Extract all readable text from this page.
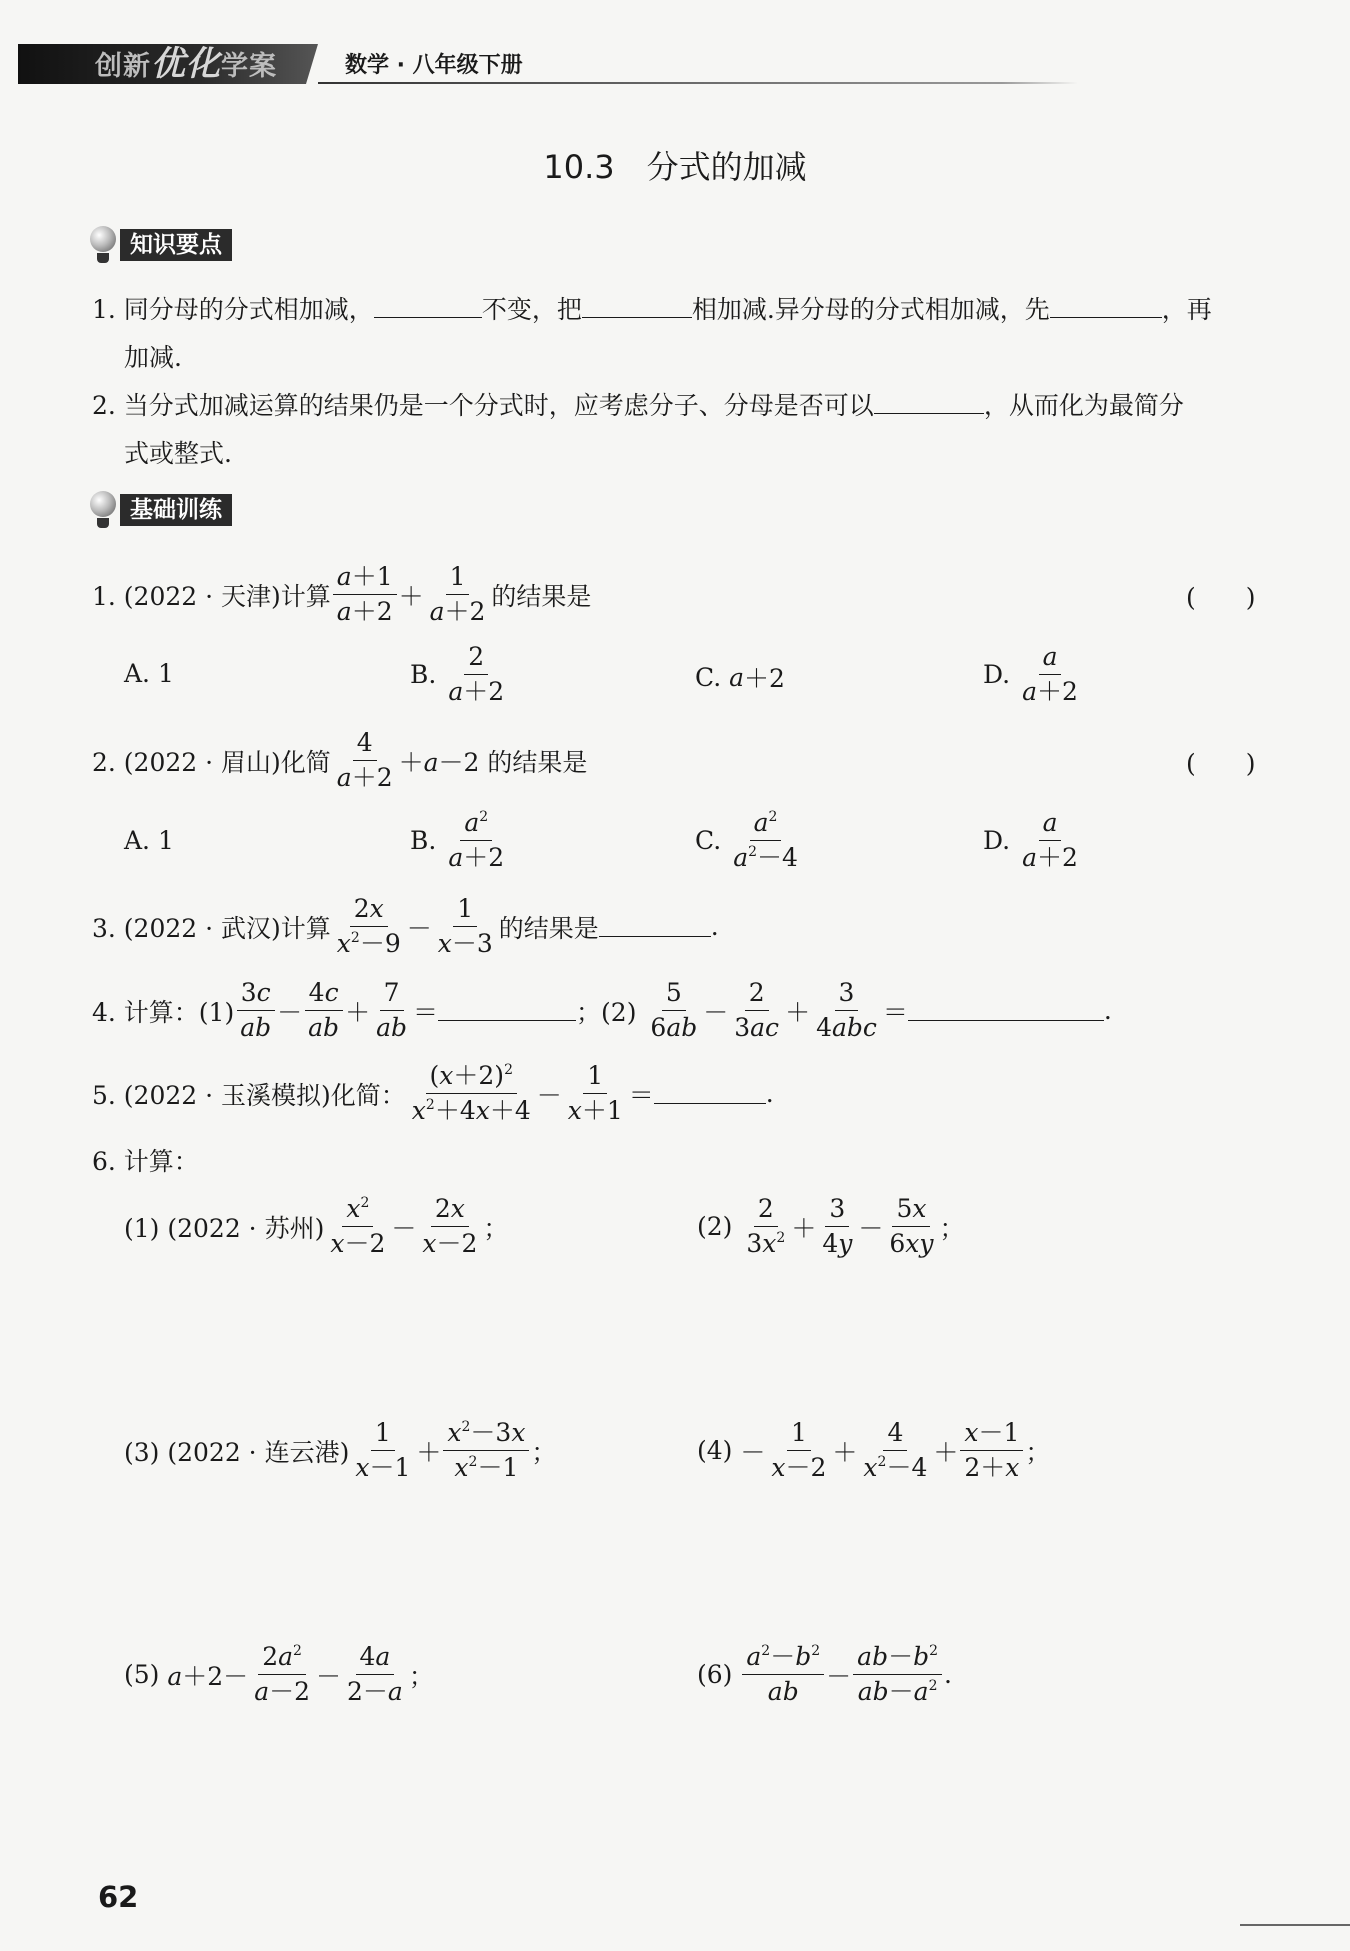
创新优化学案	数学 · 八年级下册
10.3　分式的加减
知识要点
1. 同分母的分式相加减，	不变，把	相加减.异分母的分式相加减，先	，再
加减.
2. 当分式加减运算的结果仍是一个分式时，应考虑分子、分母是否可以	，从而化为最简分
式或整式.
基础训练
1. (2022 · 天津)计算 $\frac{a+1}{a+2} + \frac{1}{a+2}$ 的结果是	(　　)
A. 1	B. $\frac{2}{a+2}$	C.
a ＋2	D. $\frac{a}{a+2}$
2. (2022 · 眉山)化简 $\frac{4}{a+2} +a-2$ 的结果是	(　　)
A. 1	B. $\frac{a^2}{a+2}$	C. $\frac{a^2}{a^2-4}$	D. $\frac{a}{a+2}$
3. (2022 · 武汉)计算 $\frac{2x}{x^2-9} - \frac{1}{x-3}$ 的结果是	.
4. 计算：$(1) \frac{3c}{ab} - \frac{4c}{ab} + \frac{7}{ab}$ ＝	；(2)
$\frac{5}{6ab} - \frac{2}{3ac} + \frac{3}{\text{4abc}}$ ＝	.
5. (2022 · 玉溪模拟)化简： $\frac{(x+2)^2}{x^2+4x+4} - \frac{1}{x+1}$ ＝	.
6. 计算：
(1) (2022 · 苏州) $\frac{x^2}{x-2} - \frac{2x}{x-2}$ ；	(2)
$\frac{2}{3x^2} + \frac{3}{4y} - \frac{5x}{6xy}$ ；
(3) (2022 · 连云港) $\frac{1}{x-1} + \frac{x^2-3x}{x^2-1}$ ；	(4)
－ $\frac{1}{x-2} + \frac{4}{x^2-4} + \frac{x-1}{2+x}$ ；
(5)
$a+2- \frac{2a^2}{a-2} - \frac{4a}{2-a}$ ；	(6)
$\frac{a^2-b^2}{ab} - \frac{ab-b^2}{ab-a^2}$ .
62
